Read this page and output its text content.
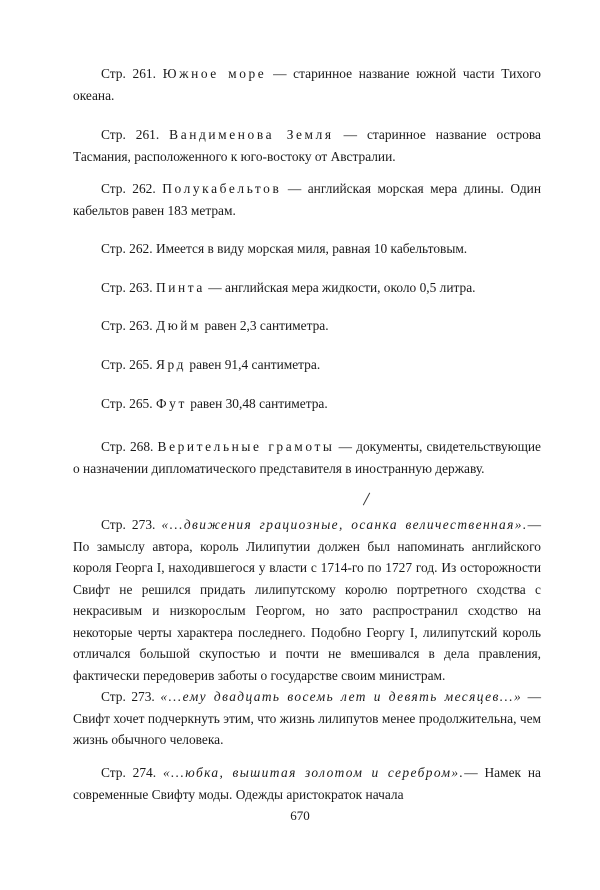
Стр. 261. Южное море — старинное название южной части Тихого океана.

Стр. 261. Вандименова Земля — старинное название острова Тасмания, расположенного к юго-востоку от Австралии.

Стр. 262. Полукабельтов — английская морская мера длины. Один кабельтов равен 183 метрам.

Стр. 262. Имеется в виду морская миля, равная 10 кабельтовым.

Стр. 263. Пинта — английская мера жидкости, около 0,5 литра.

Стр. 263. Дюйм равен 2,3 сантиметра.

Стр. 265. Ярд равен 91,4 сантиметра.

Стр. 265. Фут равен 30,48 сантиметра.

Стр. 268. Верительные грамоты — документы, свидетельствующие о назначении дипломатического представителя в иностранную державу.

Стр. 273. «...движения грациозные, осанка величественная».— По замыслу автора, король Лилипутии должен был напоминать английского короля Георга I, находившегося у власти с 1714-го по 1727 год. Из осторожности Свифт не решился придать лилипутскому королю портретного сходства с некрасивым и низкорослым Георгом, но зато распространил сходство на некоторые черты характера последнего. Подобно Георгу I, лилипутский король отличался большой скупостью и почти не вмешивался в дела правления, фактически передоверив заботы о государстве своим министрам.

Стр. 273. «...ему двадцать восемь лет и девять месяцев...» — Свифт хочет подчеркнуть этим, что жизнь лилипутов менее продолжительна, чем жизнь обычного человека.

Стр. 274. «...юбка, вышитая золотом и серебром».— Намек на современные Свифту моды. Одежды аристократок начала

670
